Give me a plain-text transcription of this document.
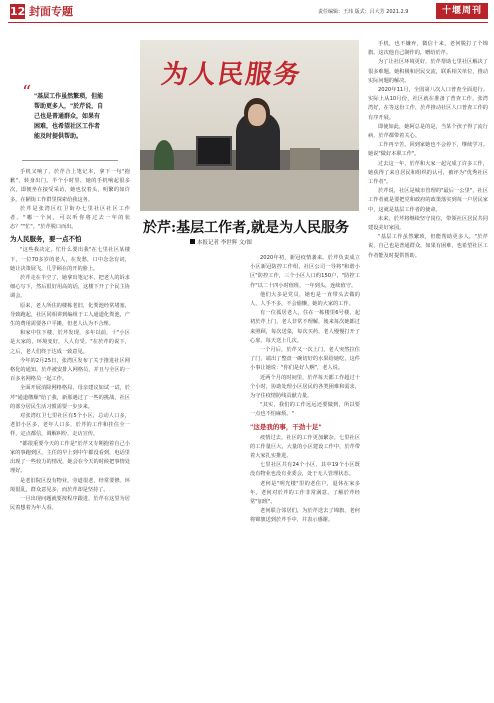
12 封面专题	责任编辑：王玮 版式：吕大芳 2021.2.9	十堰周刊
“ "基层工作虽然繁琐，但能帮助更多人，"於芹说，自己也是普通群众，如果有困难，也希望社区工作者能及时提供帮助。

为人民服务
於芹:基层工作者,就是为人民服务
本报记者 李世辉 文/图

手机又响了，於芹合上笔记本，拿下一句"抱歉"，转身出门。半个小时里，她的手机响起很多次，即便坐在接受采访，她也仅着头，明繁的如许多。在陋街工作群里探索给我这务。

於芹是张湾区红卫街办七里社区社区工作者。"哪一个问，可以听你将过去一年的状态？""忙"。"於芹脱口而出。

为人民服务，要一点不怕

"这些我决定，忙什么要出我"在七里社区某楼下，一位70多岁的老人，在发愁，口中念念有词，她让决策展飞，几乎顾在的开的脸上。

於芹走在半空了，她拿出笔记本，把老人的诉求细心写下，然后很好用高的话，这楼下开了个民主协调会。

原来，老人所住的楼栋老旧，化粪池经常堵塞，导致跑起，社区同相讲到编组于工人通道化粪池，产生的费用需要各户平摊，但老人认为不合理。

和家中住下楼，於芹发现，多年以前，十"小区是大家的，环境变好，人人有受。"在於芹的说下，之后，老人们终于达成一致意见。

今年的2月25日，张湾区发布了关于推进社区网格化的通知，於芹被安排入网格员，并且与全区的一百多名网格员一起工作。

全面开展消除网格格局，母亲建议如试一试，於芹"通道缴顺"给了我，新那遇过了一些的挑战，社区的部分居民生活习惯需要一步步来。

对张湾红卫七里社区有5个小区，总动人口多，老旧小区多，老年人口多，於芹的工作和挂住全一样，定点都信，调解纠纷，走访宣传。

"都很重要今天的工作是"於芹又专期抱着自己小家的事跑到区，主任的早上到中午都没看到，电话里出现了一些较力的情况，她会在今天的时候把事情处理好。

是老旧院区没有物业，旁道很老，经常要修。环境很乱，群众意见多，而於芹却是坚持了。

一旦出现问题就要按程序跟进，於芹在这里为居民着想着为年人看。

2020年初，新冠疫情袭来。於芹负责成立小区新冠防控工作组，社区公司一导将"和谐小区"防控工作，三个小区人口约150户，"防控工作"以二十四小时值班，一年到头，连续值守。

他们大多是党员，她也是一直带头去做的人，人手不多，不会偷懒，她的大家的工作。

有一位孤居老人，住在一栋楼里6号楼，起初於芹上门，老人非常不理解，後来每次她都过来照顾，每次送菜，每次买药，老人慢慢打开了心扉。每天送上几次。

一个月后，於芹又一次上门，老人突然拉住了门，端出了整盘一碗切好的水果给她吃，这件小事让她说："你们是好人啊"，老人说。

近两个月的时间里，於芹每天都工作超过十个小时，协助处理小区居民的各类困难和需求，为守住疫情防线贡献力量。

"其实，我们的工作远远还要做到，所以要一点也不怕麻烦。"

"这是我的事，干劲十足"

疫情过去，社区的工作更加繁杂。七里社区的工作量巨大，大量的小区建设工作中，於芹带着大家扎实推进。

七里社区共有24个小区，其中19个小区既没有物业也没有业委会，处于无人管理状态。

老何是"明光楼"里的老住户，退休在家多年。老何对於芹的工作非常满意，了解於芹经常"加班"。

老何联合邻居们，为於芹送去了锦旗，老何将锦旗送到於芹手中，并表示感谢。

手机，也不嫌弃，微信十来，老何脱打了个锦旗。这次他自己制作的，赠给於芹。

为了让社区环境更好，於芹帮助七里社区解决了很多难题。她积极和居民交流，联系相关单位，推动实际问题的解决。

2020年11月，全国第八次人口普查全面进行。实际上从10月份，社区就在准备了普查工作。张湾湾好，在等这份工作，於芹推动社区人口普查工作的有序开展。

即使如此，她阿总是的是，当某个孩子得了流行病，於芹都带着关心。

工作再辛苦，回到家她也不会停下，继续学习。她说"做好本职工作"。

过去这一年，於芹和大家一起完成了许多工作，她获得了来自居民和组织的认可，被评为"优秀社区工作者"。

於芹说，社区是城市管理的"最后一公里"，社区工作者就是要把党和政府的政策落实到每一户居民家中，这就是基层工作者的使命。

未来，於芹将继续坚守岗位，带领社区居民共同建设美好家园。

"基层工作虽然繁琐，但能帮助更多人，"於芹说，自己也是普通群众，如果有困难，也希望社区工作者能及时提供帮助。
